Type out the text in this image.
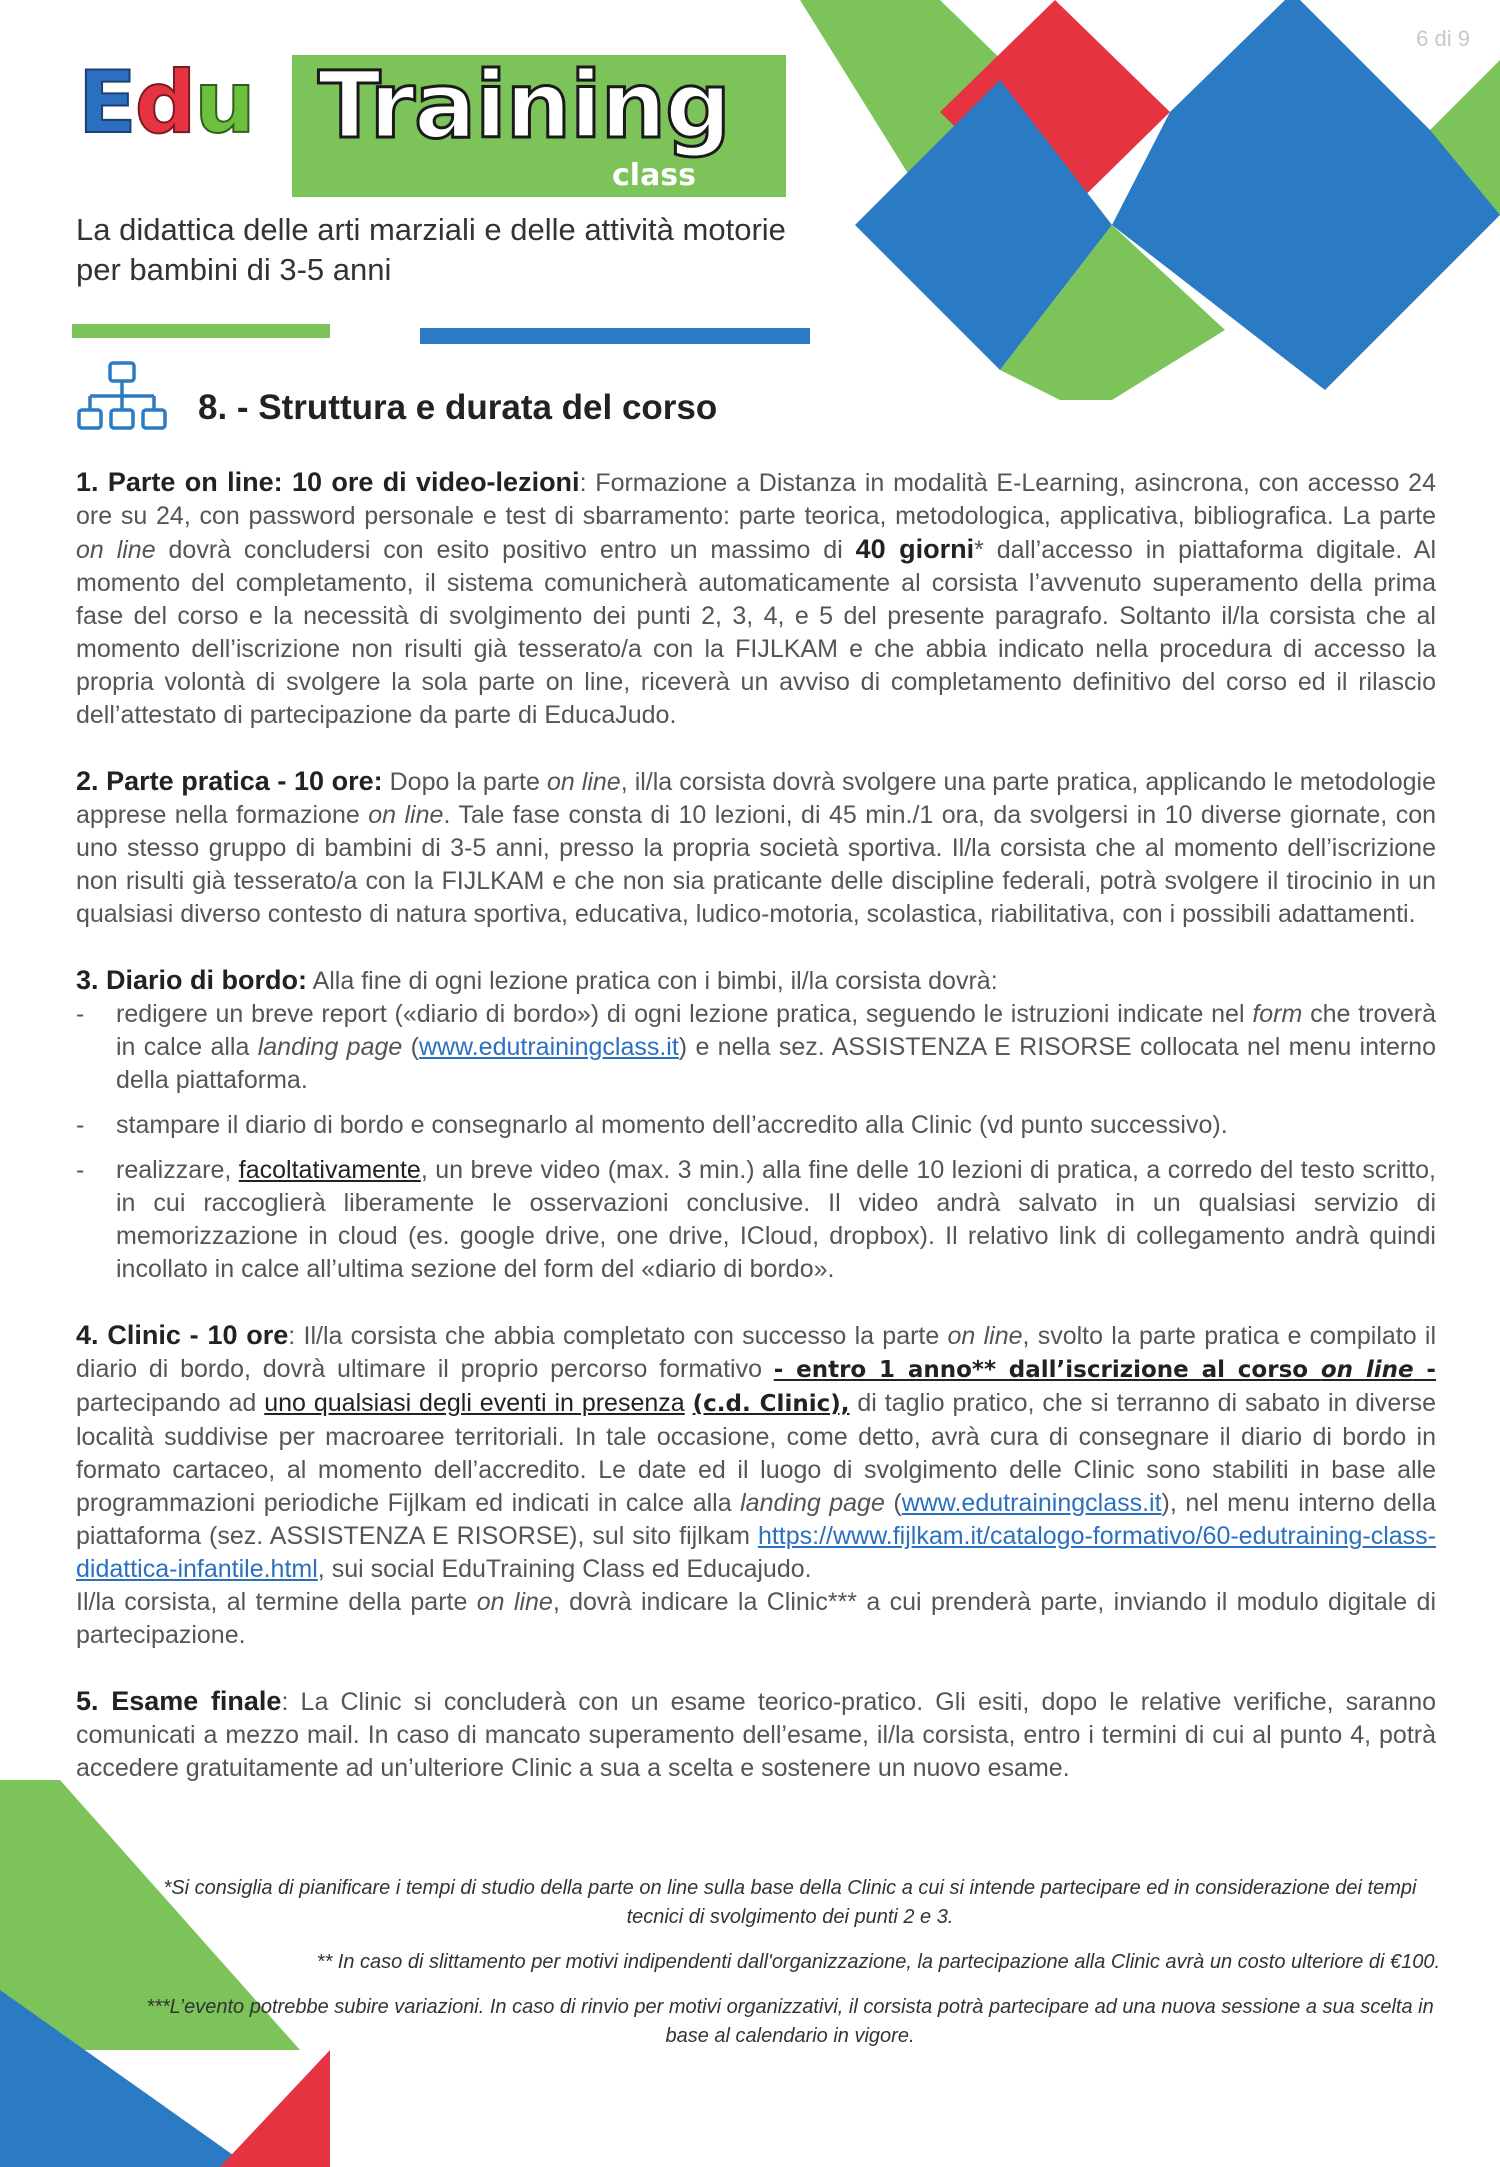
6 di 9
Edu Training
class
La didattica delle arti marziali e delle attività motorie
per bambini di 3-5 anni
8. - Struttura e durata del corso

1. Parte on line: 10 ore di video-lezioni: Formazione a Distanza in modalità E-Learning, asincrona, con accesso 24 ore su 24, con password personale e test di sbarramento: parte teorica, metodologica, applicativa, bibliografica. La parte on line dovrà concludersi con esito positivo entro un massimo di 40 giorni* dall’accesso in piattaforma digitale. Al momento del completamento, il sistema comunicherà automaticamente al corsista l’avvenuto superamento della prima fase del corso e la necessità di svolgimento dei punti 2, 3, 4, e 5 del presente paragrafo. Soltanto il/la corsista che al momento dell’iscrizione non risulti già tesserato/a con la FIJLKAM e che abbia indicato nella procedura di accesso la propria volontà di svolgere la sola parte on line, riceverà un avviso di completamento definitivo del corso ed il rilascio dell’attestato di partecipazione da parte di EducaJudo.

2. Parte pratica - 10 ore: Dopo la parte on line, il/la corsista dovrà svolgere una parte pratica, applicando le metodologie apprese nella formazione on line. Tale fase consta di 10 lezioni, di 45 min./1 ora, da svolgersi in 10 diverse giornate, con uno stesso gruppo di bambini di 3-5 anni, presso la propria società sportiva. Il/la corsista che al momento dell’iscrizione non risulti già tesserato/a con la FIJLKAM e che non sia praticante delle discipline federali, potrà svolgere il tirocinio in un qualsiasi diverso contesto di natura sportiva, educativa, ludico-motoria, scolastica, riabilitativa, con i possibili adattamenti.

3. Diario di bordo: Alla fine di ogni lezione pratica con i bimbi, il/la corsista dovrà:
- redigere un breve report («diario di bordo») di ogni lezione pratica, seguendo le istruzioni indicate nel form che troverà in calce alla landing page (www.edutrainingclass.it) e nella sez. ASSISTENZA E RISORSE collocata nel menu interno della piattaforma.
- stampare il diario di bordo e consegnarlo al momento dell’accredito alla Clinic (vd punto successivo).
- realizzare, facoltativamente, un breve video (max. 3 min.) alla fine delle 10 lezioni di pratica, a corredo del testo scritto, in cui raccoglierà liberamente le osservazioni conclusive. Il video andrà salvato in un qualsiasi servizio di memorizzazione in cloud (es. google drive, one drive, ICloud, dropbox). Il relativo link di collegamento andrà quindi incollato in calce all’ultima sezione del form del «diario di bordo».

4. Clinic - 10 ore: Il/la corsista che abbia completato con successo la parte on line, svolto la parte pratica e compilato il diario di bordo, dovrà ultimare il proprio percorso formativo - entro 1 anno** dall’iscrizione al corso on line - partecipando ad uno qualsiasi degli eventi in presenza (c.d. Clinic), di taglio pratico, che si terranno di sabato in diverse località suddivise per macroaree territoriali. In tale occasione, come detto, avrà cura di consegnare il diario di bordo in formato cartaceo, al momento dell’accredito. Le date ed il luogo di svolgimento delle Clinic sono stabiliti in base alle programmazioni periodiche Fijlkam ed indicati in calce alla landing page (www.edutrainingclass.it), nel menu interno della piattaforma (sez. ASSISTENZA E RISORSE), sul sito fijlkam https://www.fijlkam.it/catalogo-formativo/60-edutraining-class-didattica-infantile.html, sui social EduTraining Class ed Educajudo.
Il/la corsista, al termine della parte on line, dovrà indicare la Clinic*** a cui prenderà parte, inviando il modulo digitale di partecipazione.

5. Esame finale: La Clinic si concluderà con un esame teorico-pratico. Gli esiti, dopo le relative verifiche, saranno comunicati a mezzo mail. In caso di mancato superamento dell’esame, il/la corsista, entro i termini di cui al punto 4, potrà accedere gratuitamente ad un’ulteriore Clinic a sua a scelta e sostenere un nuovo esame.

*Si consiglia di pianificare i tempi di studio della parte on line sulla base della Clinic a cui si intende partecipare ed in considerazione dei tempi tecnici di svolgimento dei punti 2 e 3.

** In caso di slittamento per motivi indipendenti dall'organizzazione, la partecipazione alla Clinic avrà un costo ulteriore di €100.

***L’evento potrebbe subire variazioni. In caso di rinvio per motivi organizzativi, il corsista potrà partecipare ad una nuova sessione a sua scelta in base al calendario in vigore.
